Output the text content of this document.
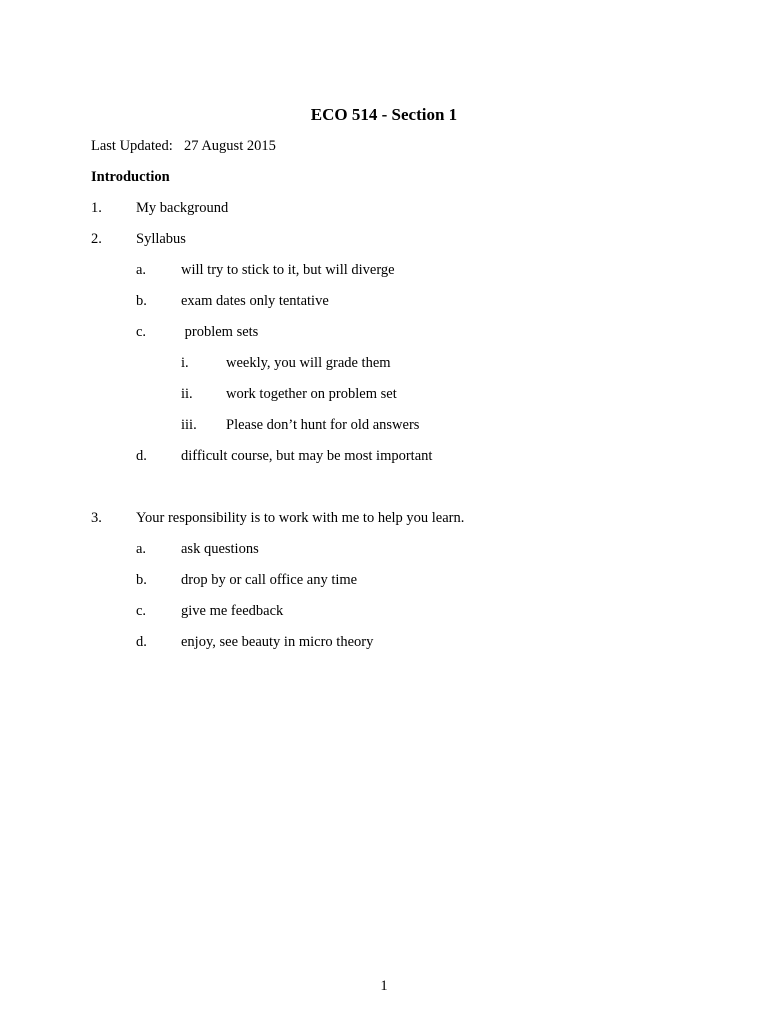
ECO 514 - Section 1
Last Updated: 27 August 2015
Introduction
1. My background
2. Syllabus
a. will try to stick to it, but will diverge
b. exam dates only tentative
c. problem sets
i.	weekly, you will grade them
ii. work together on problem set
iii. Please don’t hunt for old answers
d. difficult course, but may be most important
3. Your responsibility is to work with me to help you learn.
a. ask questions
b. drop by or call office any time
c. give me feedback
d. enjoy, see beauty in micro theory
1
